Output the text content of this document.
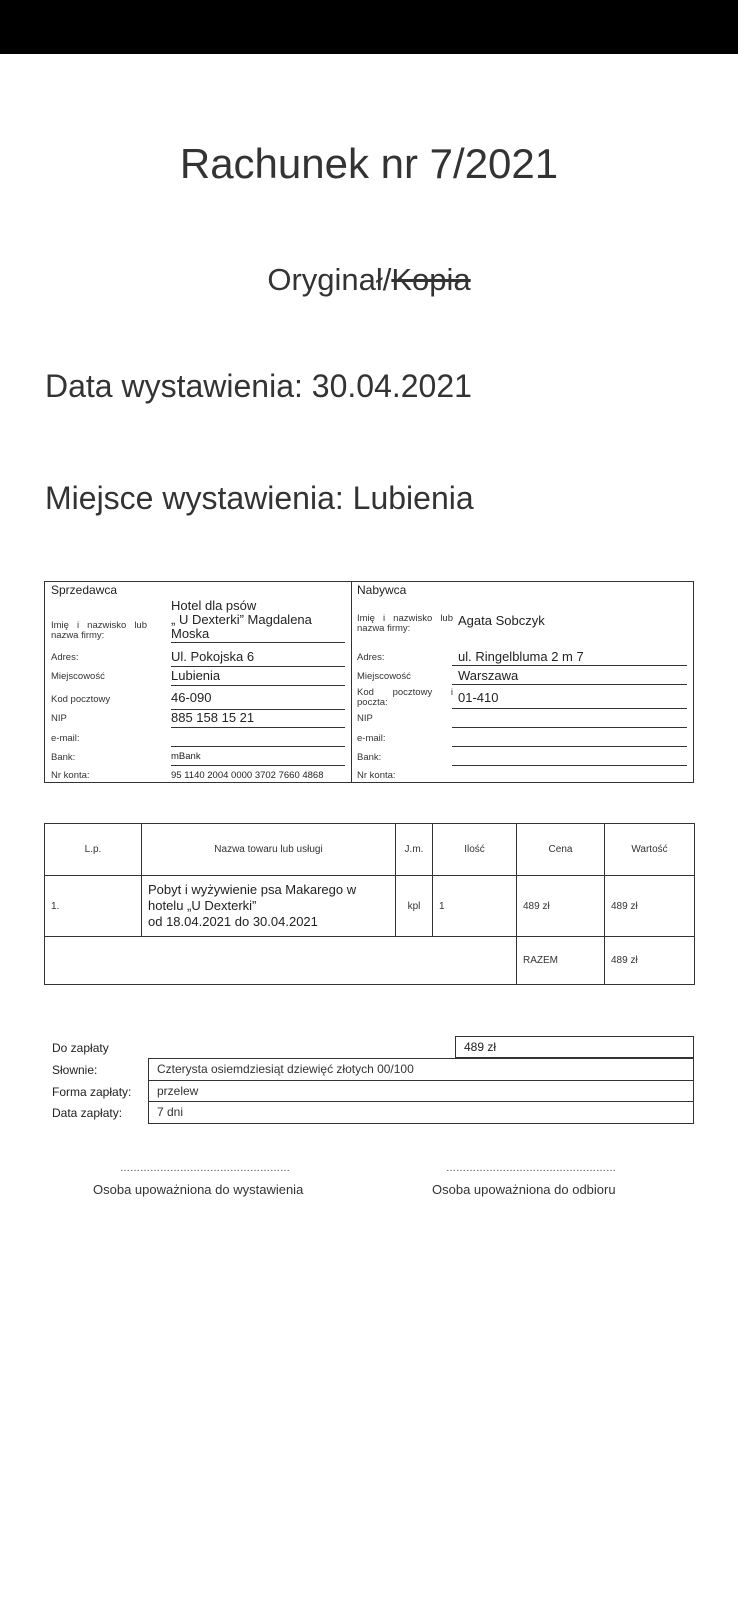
Rachunek nr 7/2021
Oryginał/Kopia
Data wystawienia: 30.04.2021
Miejsce wystawienia: Lubienia
Sprzedawca
Imię i nazwisko lub nazwa firmy:
Hotel dla psów
„ U Dexterki” Magdalena
Moska
Adres:	Ul. Pokojska 6
Miejscowość	Lubienia
Kod pocztowy	46-090
NIP	885 158 15 21
e-mail:
Bank:	mBank
Nr konta:	95 1140 2004 0000 3702 7660 4868
Nabywca
Imię i nazwisko lub nazwa firmy:
Agata Sobczyk
Adres:	ul. Ringelbluma 2 m 7
Miejscowość	Warszawa
Kod pocztowy i poczta:	01-410
NIP
e-mail:
Bank:
Nr konta:
L.p.	Nazwa towaru lub usługi	J.m.	Ilość	Cena	Wartość
1.	Pobyt i wyżywienie psa Makarego w
hotelu „U Dexterki”
od 18.04.2021 do 30.04.2021	kpl	1	489 zł	489 zł
				RAZEM	489 zł
Do zapłaty	489 zł
Słownie:	Czterysta osiemdziesiąt dziewięć złotych 00/100
Forma zapłaty:	przelew
Data zapłaty:	7 dni
……………………………………………
Osoba upoważniona do wystawienia
……………………………………………
Osoba upoważniona do odbioru
